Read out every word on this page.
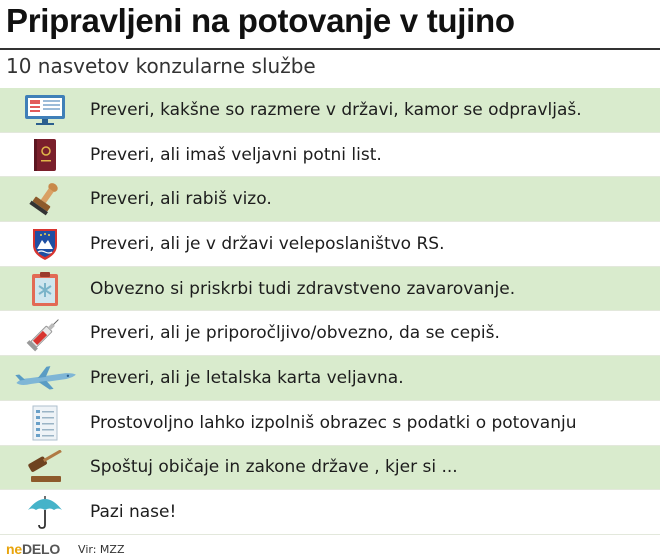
Pripravljeni na potovanje v tujino
10 nasvetov konzularne službe
Preveri, kakšne so razmere v državi, kamor se odpravljaš.
Preveri, ali imaš veljavni potni list.
Preveri, ali rabiš vizo.
Preveri, ali je v državi veleposlaništvo RS.
Obvezno si priskrbi tudi zdravstveno zavarovanje.
Preveri, ali je priporočljivo/obvezno, da se cepiš.
Preveri, ali je letalska karta veljavna.
Prostovoljno lahko izpolniš obrazec s podatki o potovanju
Spoštuj običaje in zakone države , kjer si ...
Pazi nase!
neDELO Vir: MZZ
